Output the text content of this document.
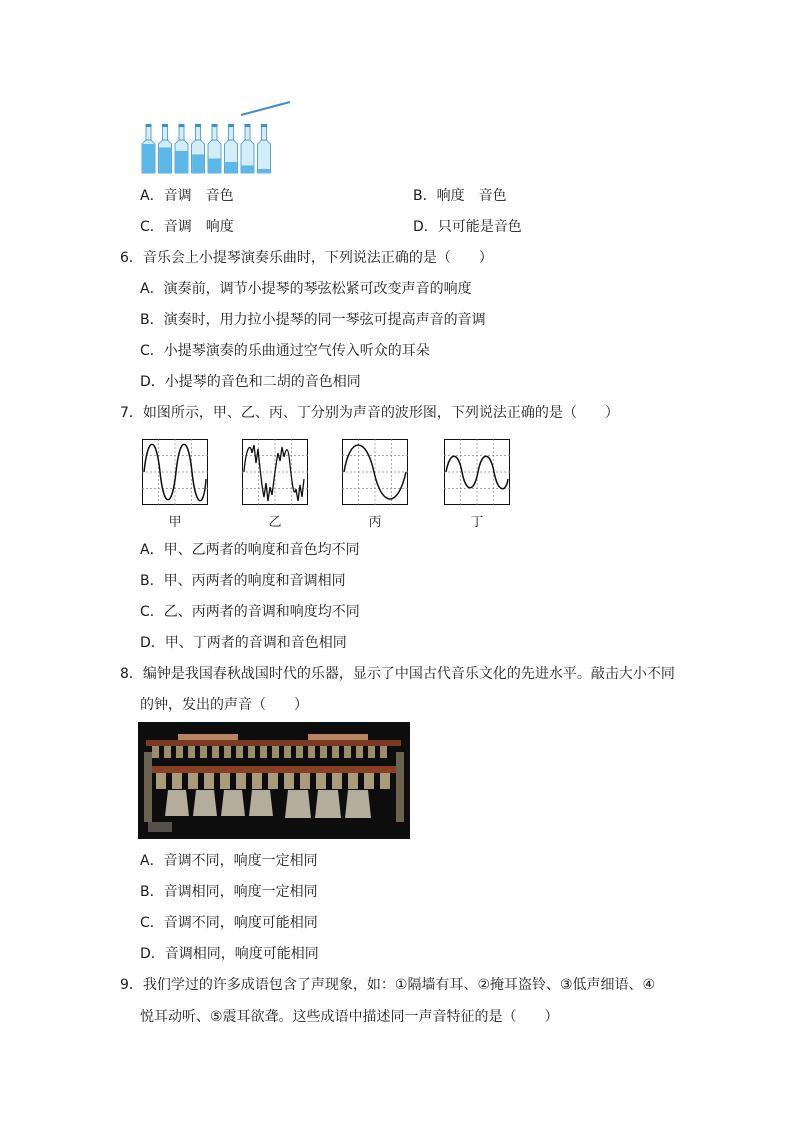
A．音调　音色	B．响度　音色
C．音调　响度	D．只可能是音色
6．音乐会上小提琴演奏乐曲时，下列说法正确的是（　　）
A．演奏前，调节小提琴的琴弦松紧可改变声音的响度
B．演奏时，用力拉小提琴的同一琴弦可提高声音的音调
C．小提琴演奏的乐曲通过空气传入听众的耳朵
D．小提琴的音色和二胡的音色相同
7．如图所示，甲、乙、丙、丁分别为声音的波形图，下列说法正确的是（　　）
甲	乙	丙	丁
A．甲、乙两者的响度和音色均不同
B．甲、丙两者的响度和音调相同
C．乙、丙两者的音调和响度均不同
D．甲、丁两者的音调和音色相同
8．编钟是我国春秋战国时代的乐器，显示了中国古代音乐文化的先进水平。敲击大小不同
的钟，发出的声音（　　）
A．音调不同，响度一定相同
B．音调相同，响度一定相同
C．音调不同，响度可能相同
D．音调相同，响度可能相同
9．我们学过的许多成语包含了声现象，如：①隔墙有耳、②掩耳盗铃、③低声细语、④
悦耳动听、⑤震耳欲聋。这些成语中描述同一声音特征的是（　　）
